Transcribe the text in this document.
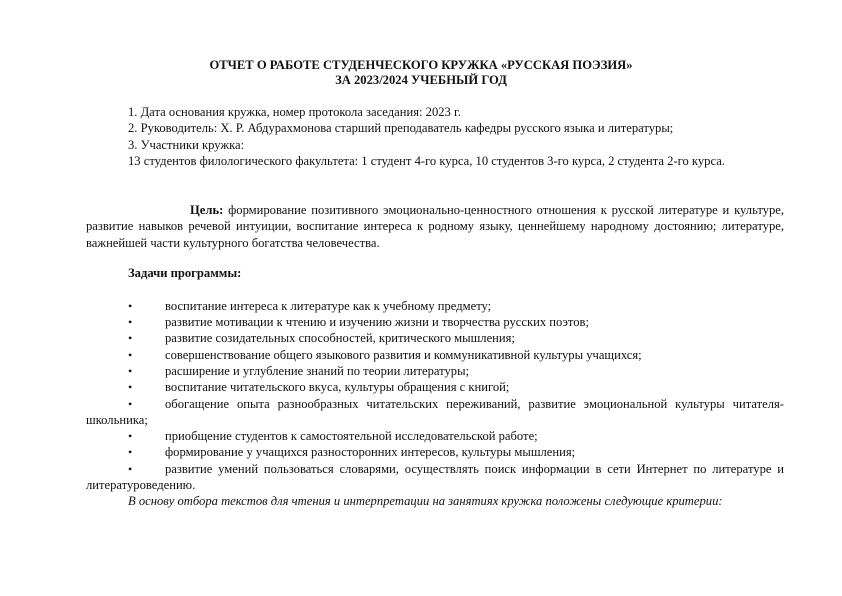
ОТЧЕТ О РАБОТЕ СТУДЕНЧЕСКОГО КРУЖКА «РУССКАЯ ПОЭЗИЯ»
ЗА 2023/2024 УЧЕБНЫЙ ГОД
1. Дата основания кружка, номер протокола заседания: 2023 г.
2. Руководитель: Х. Р. Абдурахмонова старший преподаватель кафедры русского языка и литературы;
3. Участники кружка:
13 студентов филологического факультета: 1 студент 4-го курса, 10 студентов 3-го курса, 2 студента 2-го курса.
Цель: формирование позитивного эмоционально-ценностного отношения к русской литературе и культуре, развитие навыков речевой интуиции, воспитание интереса к родному языку, ценнейшему народному достоянию; литературе, важнейшей части культурного богатства человечества.
Задачи программы:
•	воспитание интереса к литературе как к учебному предмету;
•	развитие мотивации к чтению и изучению жизни и творчества русских поэтов;
•	развитие созидательных способностей, критического мышления;
•	совершенствование общего языкового развития и коммуникативной культуры учащихся;
•	расширение и углубление знаний по теории литературы;
•	воспитание читательского вкуса, культуры обращения с книгой;
•	обогащение опыта разнообразных читательских переживаний, развитие эмоциональной культуры читателя-школьника;
•	приобщение студентов к самостоятельной исследовательской работе;
•	формирование у учащихся разносторонних интересов, культуры мышления;
•	развитие умений пользоваться словарями, осуществлять поиск информации в сети Интернет по литературе и литературоведению.
В основу отбора текстов для чтения и интерпретации на занятиях кружка положены следующие критерии:
